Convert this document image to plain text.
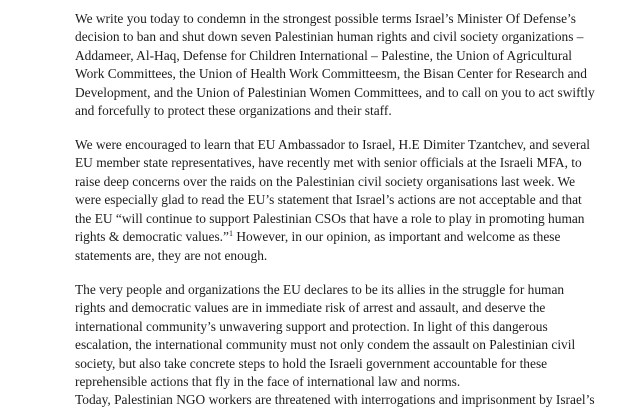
We write you today to condemn in the strongest possible terms Israel’s Minister Of Defense’s
decision to ban and shut down seven Palestinian human rights and civil society organizations –
Addameer, Al-Haq, Defense for Children International – Palestine, the Union of Agricultural
Work Committees, the Union of Health Work Committeesm, the Bisan Center for Research and
Development, and the Union of Palestinian Women Committees, and to call on you to act swiftly
and forcefully to protect these organizations and their staff.

We were encouraged to learn that EU Ambassador to Israel, H.E Dimiter Tzantchev, and several
EU member state representatives, have recently met with senior officials at the Israeli MFA, to
raise deep concerns over the raids on the Palestinian civil society organisations last week. We
were especially glad to read the EU’s statement that Israel’s actions are not acceptable and that
the EU “will continue to support Palestinian CSOs that have a role to play in promoting human
rights & democratic values.”$^1$ However, in our opinion, as important and welcome as these
statements are, they are not enough.

The very people and organizations the EU declares to be its allies in the struggle for human
rights and democratic values are in immediate risk of arrest and assault, and deserve the
international community’s unwavering support and protection. In light of this dangerous
escalation, the international community must not only condem the assault on Palestinian civil
society, but also take concrete steps to hold the Israeli government accountable for these
reprehensible actions that fly in the face of international law and norms.

Today, Palestinian NGO workers are threatened with interrogations and imprisonment by Israel’s
